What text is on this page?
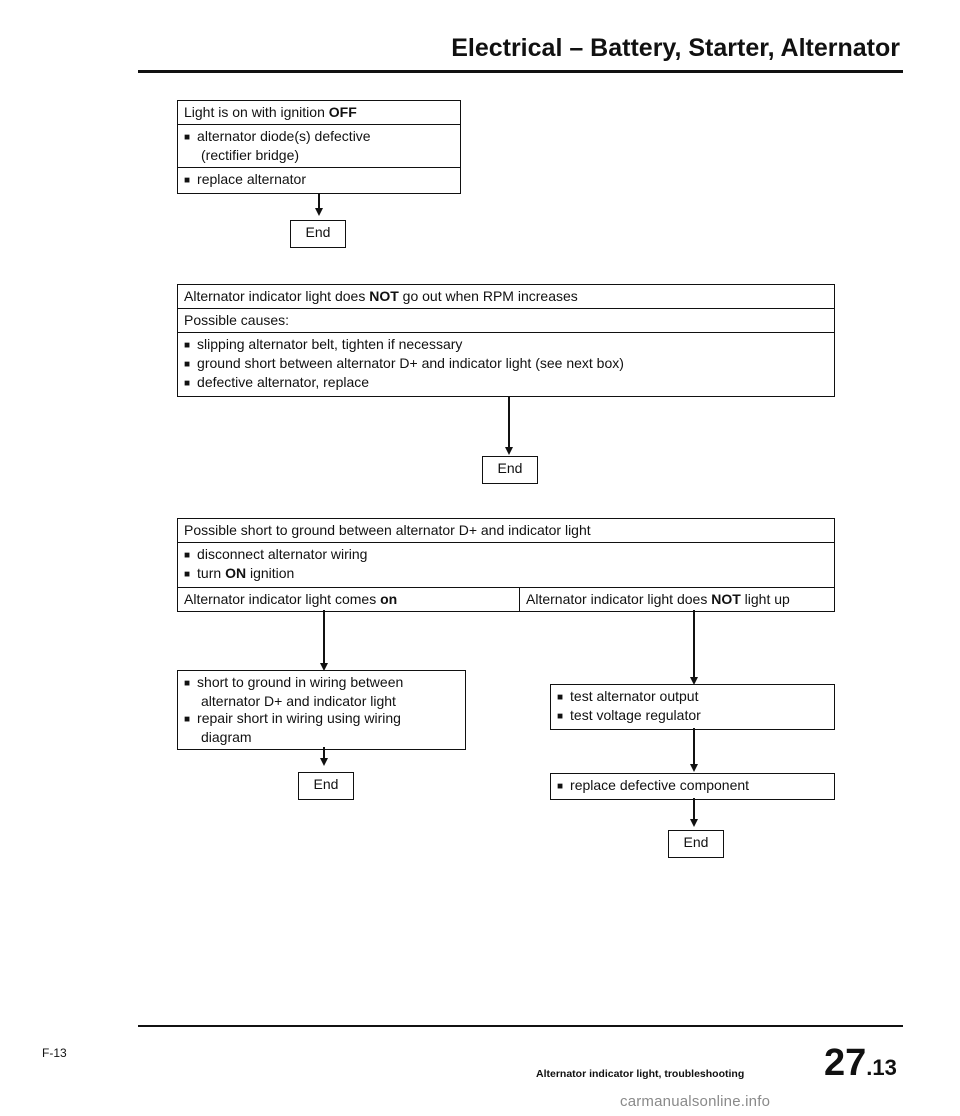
Electrical – Battery, Starter, Alternator
Light is on with ignition OFF
■ alternator diode(s) defective
(rectifier bridge)
■ replace alternator
End
Alternator indicator light does NOT go out when RPM increases
Possible causes:
■ slipping alternator belt, tighten if necessary
■ ground short between alternator D+ and indicator light (see next box)
■ defective alternator, replace
End
Possible short to ground between alternator D+ and indicator light
■ disconnect alternator wiring
■ turn ON ignition
Alternator indicator light comes on	Alternator indicator light does NOT light up
■ short to ground in wiring between
alternator D+ and indicator light
■ repair short in wiring using wiring
diagram
End
■ test alternator output
■ test voltage regulator
■ replace defective component
End
F-13
Alternator indicator light, troubleshooting 27.13
carmanualsonline.info
